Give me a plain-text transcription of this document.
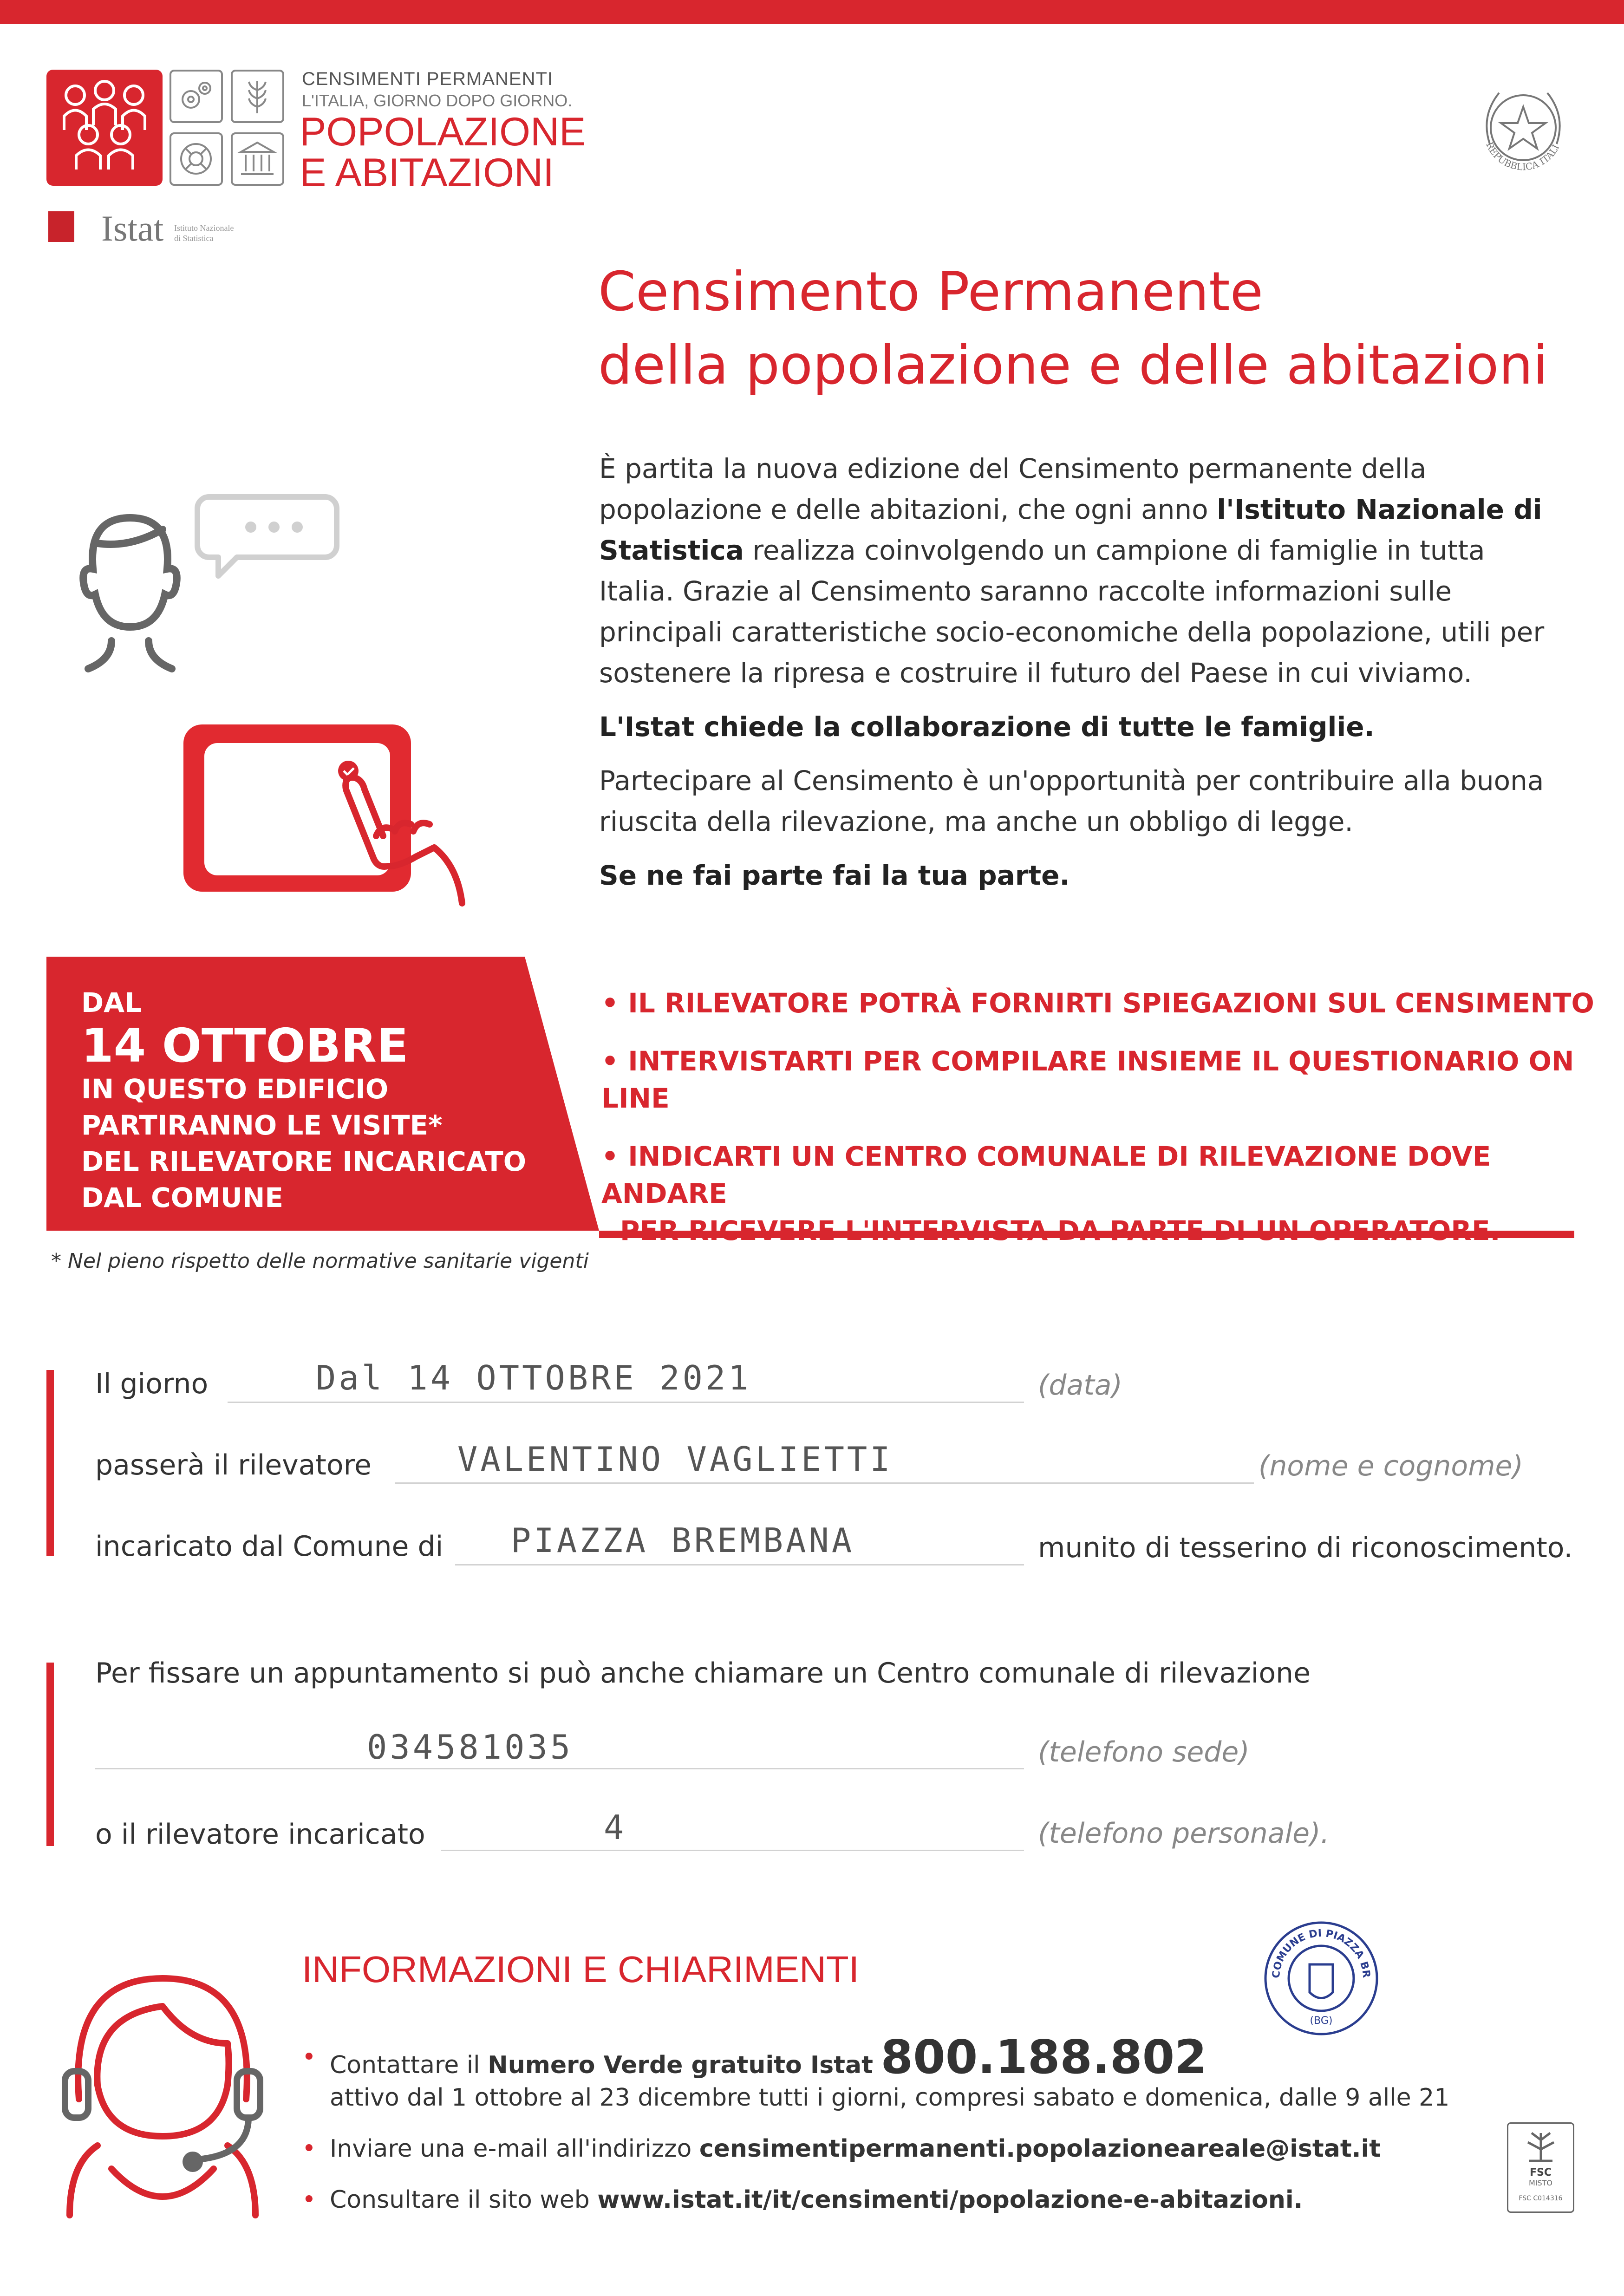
CENSIMENTI PERMANENTI
L'ITALIA, GIORNO DOPO GIORNO.
POPOLAZIONE
E ABITAZIONI
Istat Istituto Nazionale
di Statistica
REPUBBLICA ITALI
Censimento Permanente
della popolazione e delle abitazioni

È partita la nuova edizione del Censimento permanente della popolazione e delle abitazioni, che ogni anno l'Istituto Nazionale di Statistica realizza coinvolgendo un campione di famiglie in tutta Italia. Grazie al Censimento saranno raccolte informazioni sulle principali caratteristiche socio-economiche della popolazione, utili per sostenere la ripresa e costruire il futuro del Paese in cui viviamo.

L'Istat chiede la collaborazione di tutte le famiglie.

Partecipare al Censimento è un'opportunità per contribuire alla buona riuscita della rilevazione, ma anche un obbligo di legge.

Se ne fai parte fai la tua parte.

DAL
14 OTTOBRE
IN QUESTO EDIFICIO
PARTIRANNO LE VISITE*
DEL RILEVATORE INCARICATO
DAL COMUNE
• IL RILEVATORE POTRÀ FORNIRTI SPIEGAZIONI SUL CENSIMENTO
• INTERVISTARTI PER COMPILARE INSIEME IL QUESTIONARIO ON LINE
• INDICARTI UN CENTRO COMUNALE DI RILEVAZIONE DOVE ANDARE
* Nel pieno rispetto delle normative sanitarie vigenti
Il giorno	Dal 14 OTTOBRE 2021	(data)
passerà il rilevatore	VALENTINO VAGLIETTI	(nome e cognome)
incaricato dal Comune di PIAZZA BREMBANA	munito di tesserino di riconoscimento.
Per fissare un appuntamento si può anche chiamare un Centro comunale di rilevazione
034581035	(telefono sede)
o il rilevatore incaricato	4	(telefono personale).
INFORMAZIONI E CHIARIMENTI
• Contattare il Numero Verde gratuito Istat 800.188.802
attivo dal 1 ottobre al 23 dicembre tutti i giorni, compresi sabato e domenica, dalle 9 alle 21
• Inviare una e-mail all'indirizzo censimentipermanenti.popolazioneareale@istat.it
• Consultare il sito web www.istat.it/it/censimenti/popolazione-e-abitazioni.
COMUNE DI PIAZZA BR
(BG)
FSC
MISTO
FSC C014316
